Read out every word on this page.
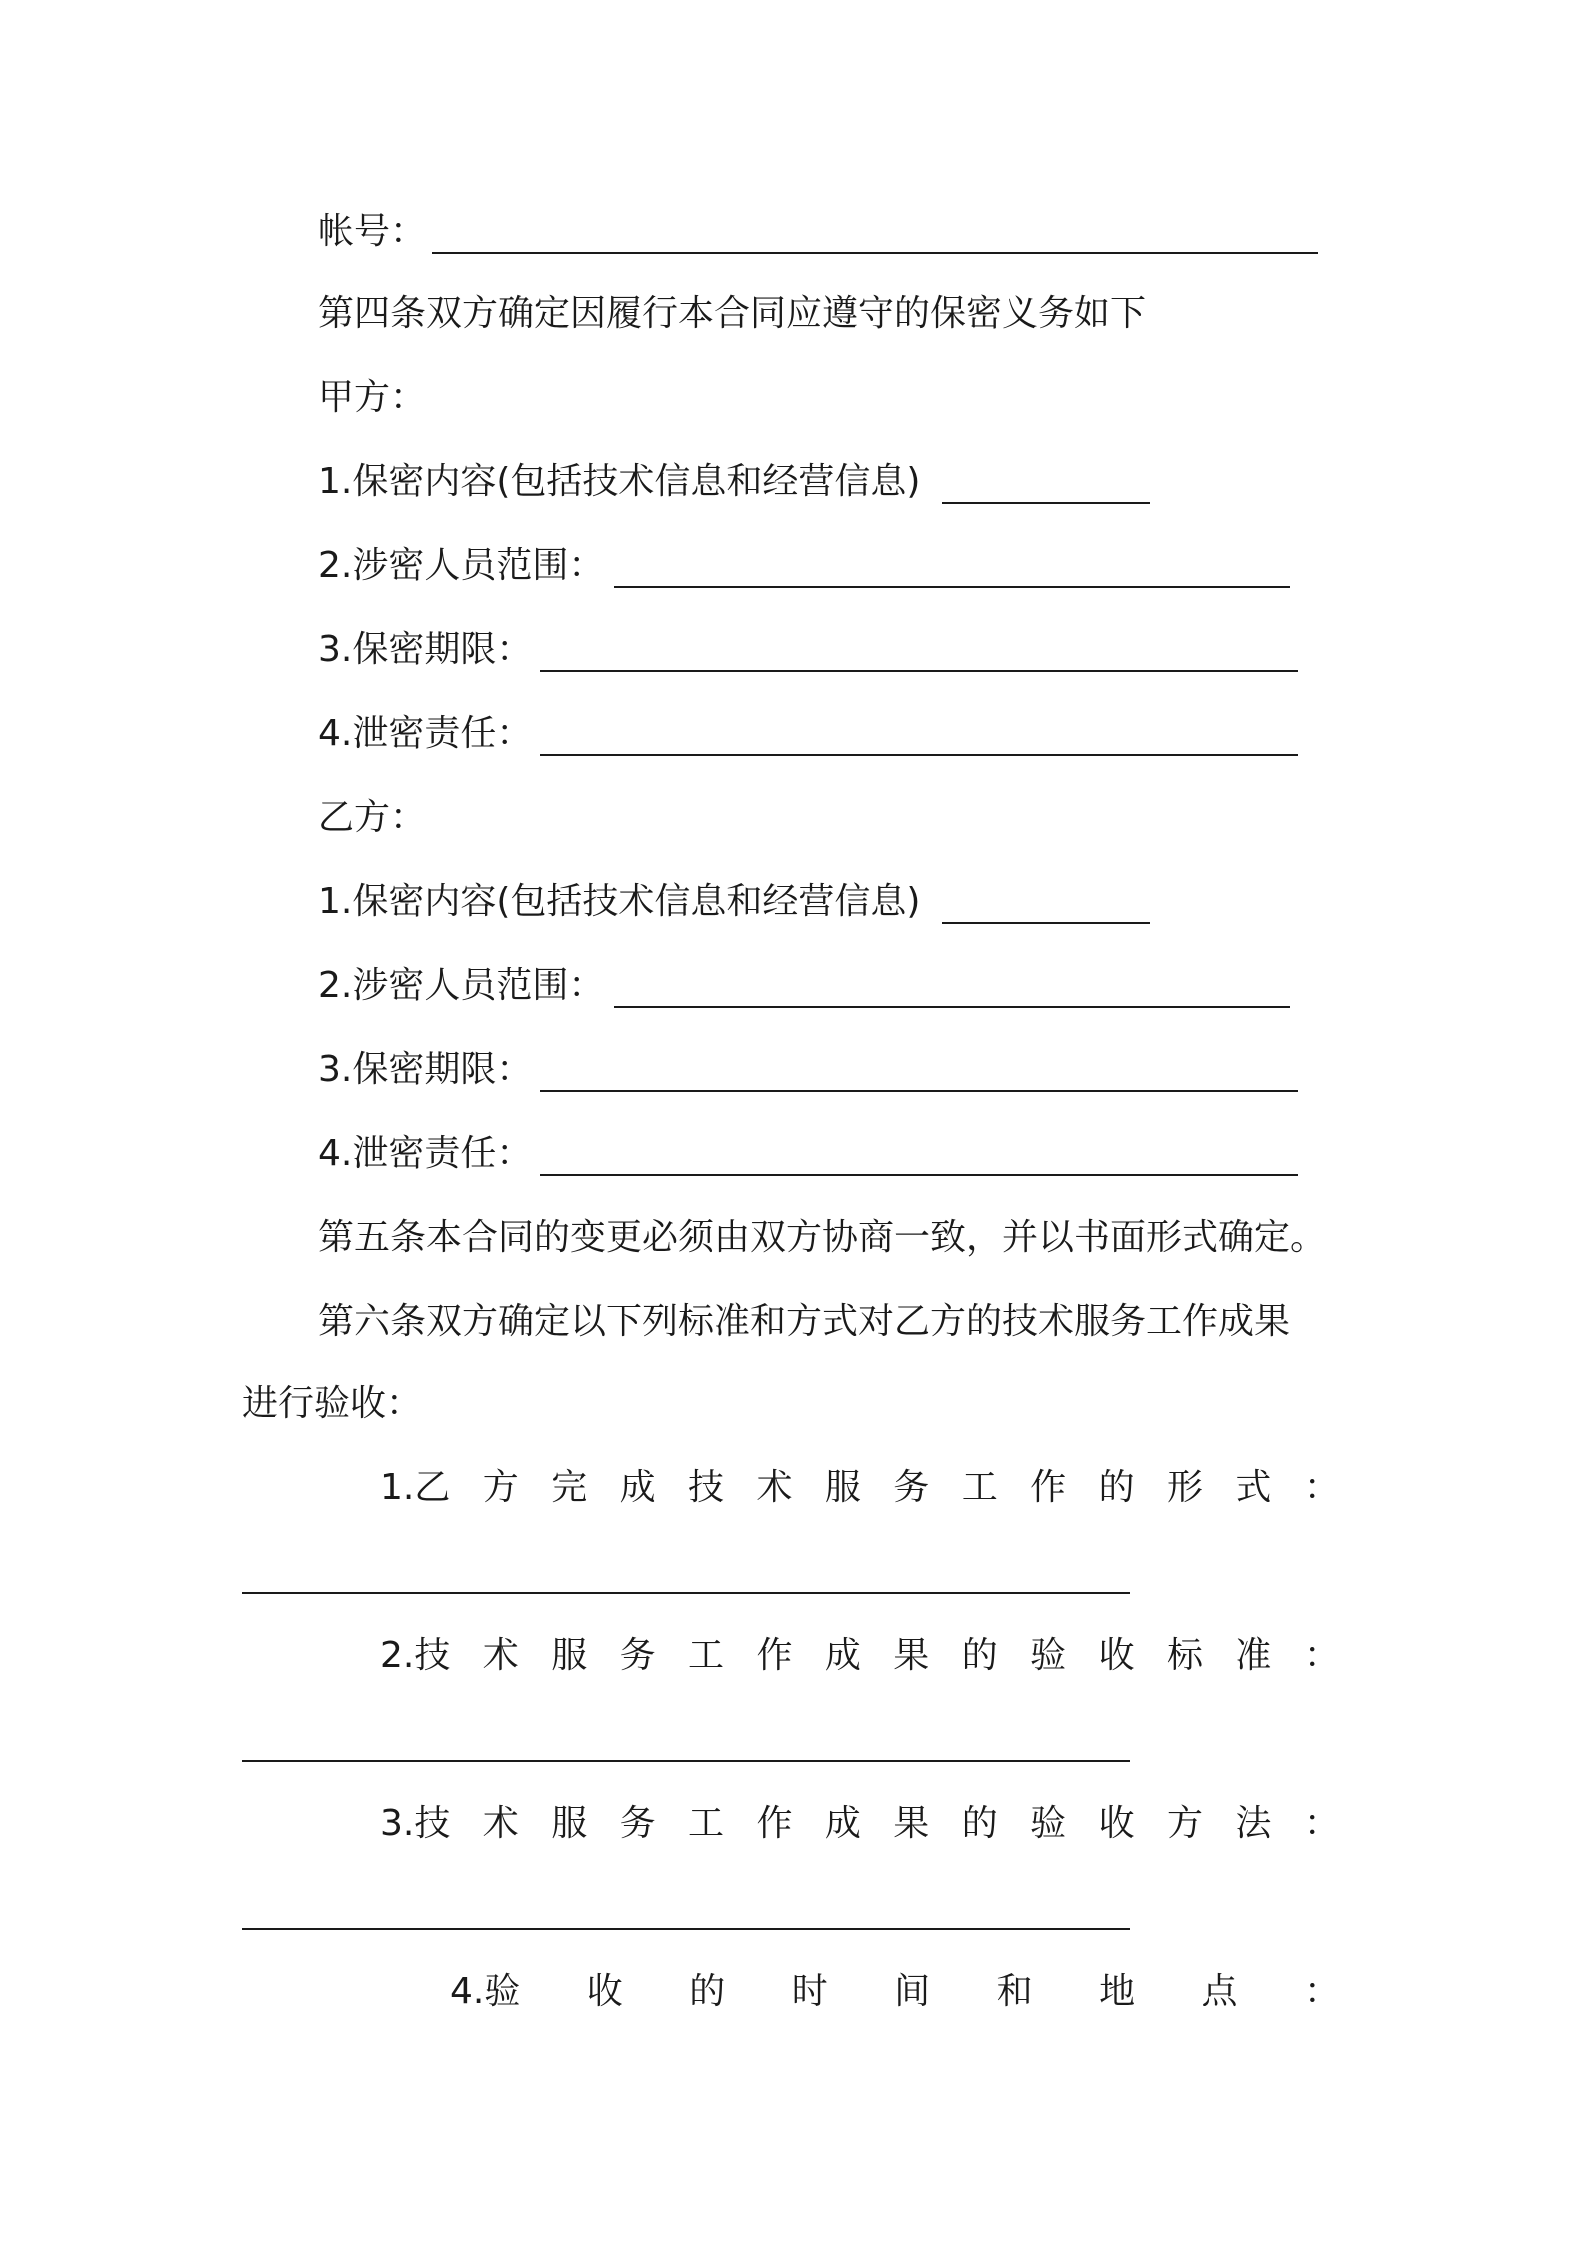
帐号：
第四条双方确定因履行本合同应遵守的保密义务如下
甲方：
1.保密内容(包括技术信息和经营信息)
2.涉密人员范围：
3.保密期限：
4.泄密责任：
乙方：
1.保密内容(包括技术信息和经营信息)
2.涉密人员范围：
3.保密期限：
4.泄密责任：
第五条本合同的变更必须由双方协商一致，并以书面形式确定。
第六条双方确定以下列标准和方式对乙方的技术服务工作成果
进行验收：
1.乙 方 完 成 技 术 服 务 工 作 的 形 式 ：
2.技 术 服 务 工 作 成 果 的 验 收 标 准 ：
3.技 术 服 务 工 作 成 果 的 验 收 方 法 ：
4.验 收 的 时 间 和 地 点 ：
